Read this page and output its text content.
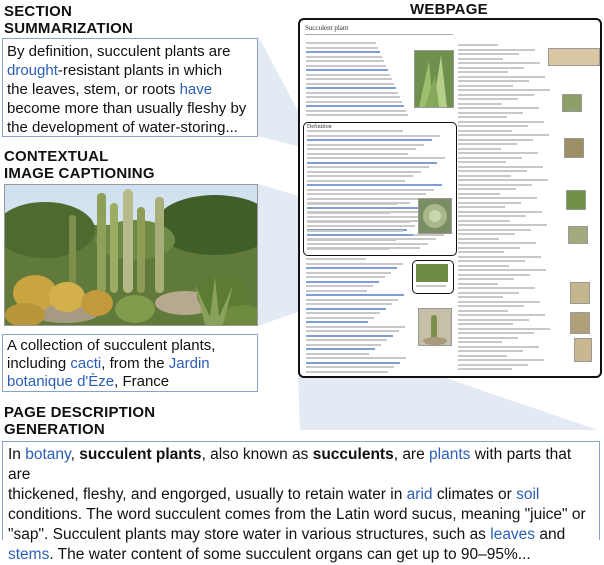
SECTION
SUMMARIZATION
By definition, succulent plants are
drought-resistant plants in which
the leaves, stem, or roots have
become more than usually fleshy by
the development of water-storing...
CONTEXTUAL
IMAGE CAPTIONING
A collection of succulent plants,
including cacti, from the Jardin
botanique d'Èze, France
WEBPAGE
Succulent plant
Definition
PAGE DESCRIPTION
GENERATION
In botany, succulent plants, also known as succulents, are plants with parts that are
thickened, fleshy, and engorged, usually to retain water in arid climates or soil
conditions. The word succulent comes from the Latin word sucus, meaning "juice" or
"sap". Succulent plants may store water in various structures, such as leaves and
stems. The water content of some succulent organs can get up to 90–95%...
